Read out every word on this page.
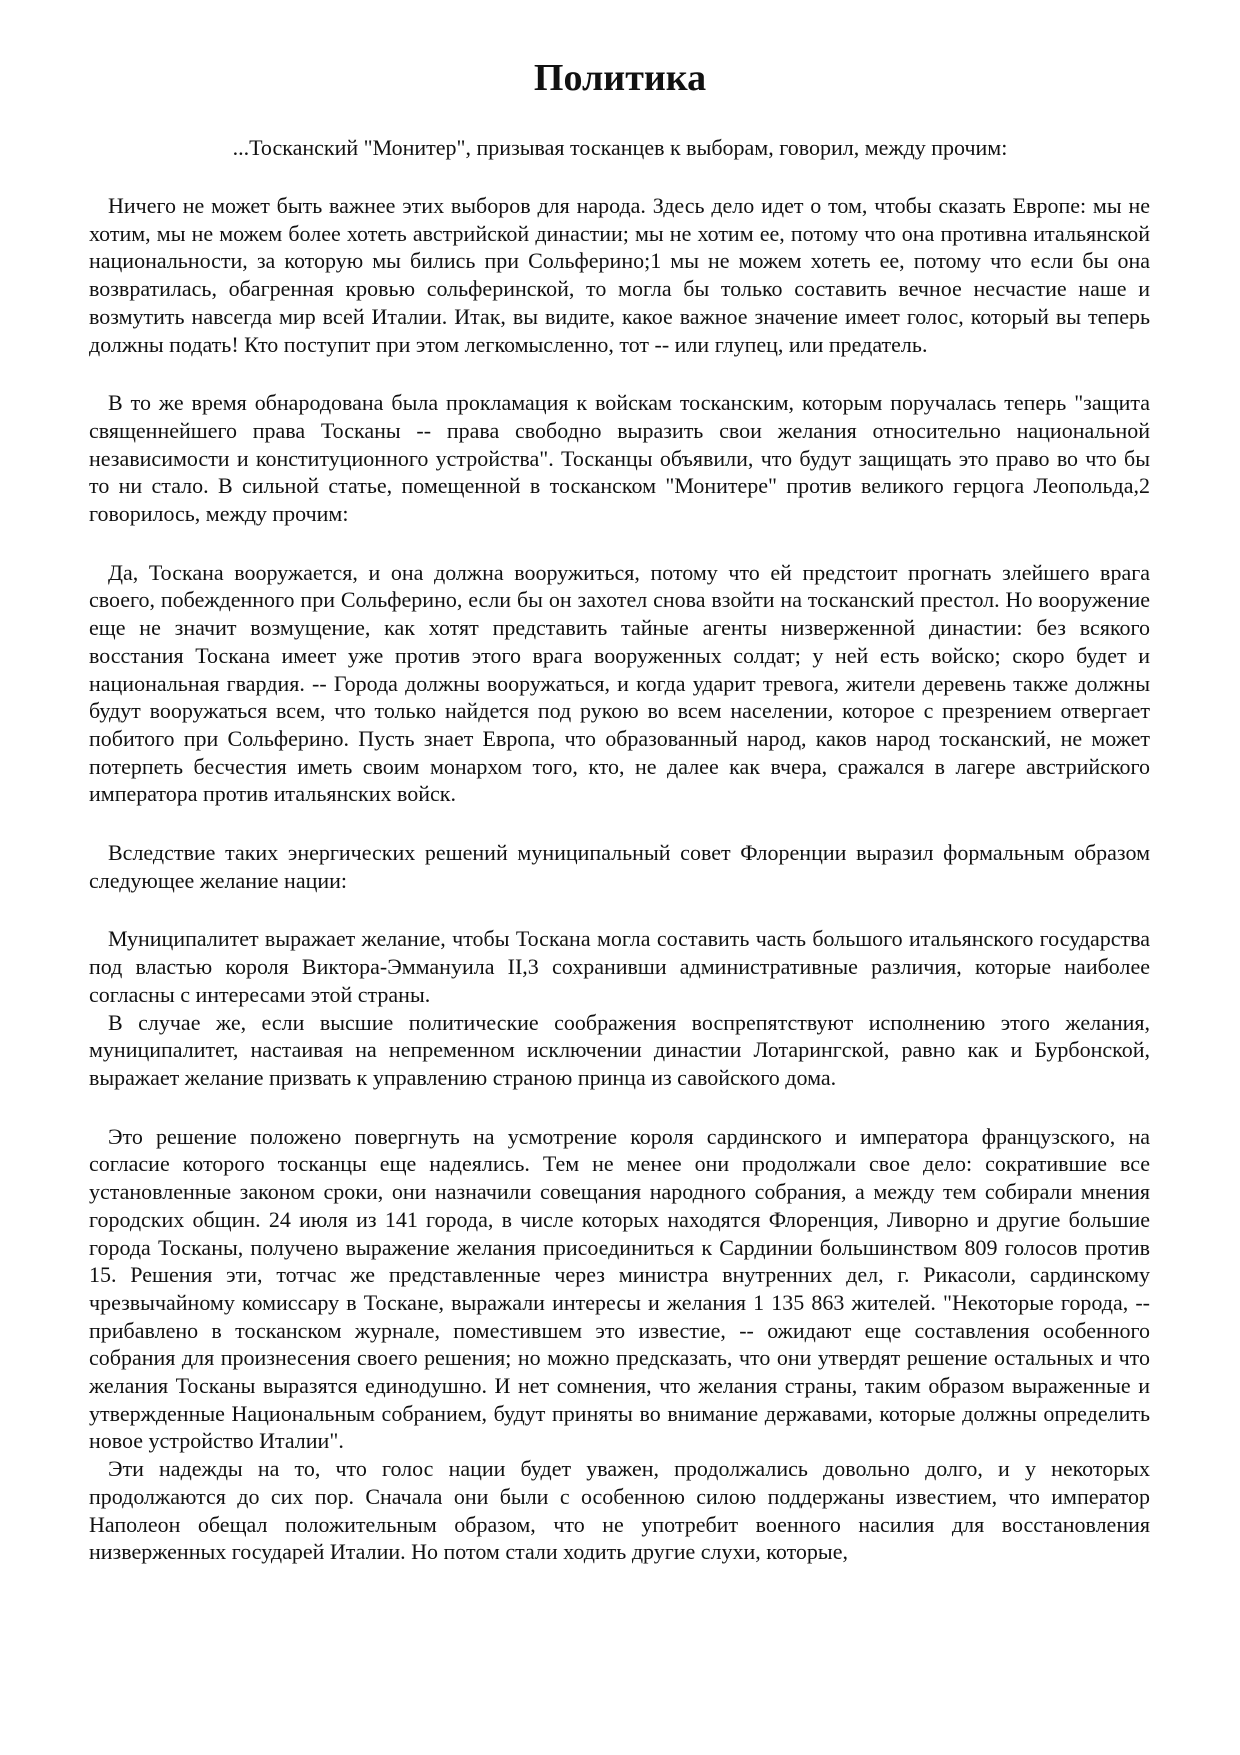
Политика

...Тосканский "Монитер", призывая тосканцев к выборам, говорил, между прочим:

Ничего не может быть важнее этих выборов для народа. Здесь дело идет о том, чтобы сказать Европе: мы не хотим, мы не можем более хотеть австрийской династии; мы не хотим ее, потому что она противна итальянской национальности, за которую мы бились при Сольферино;1 мы не можем хотеть ее, потому что если бы она возвратилась, обагренная кровью сольферинской, то могла бы только составить вечное несчастие наше и возмутить навсегда мир всей Италии. Итак, вы видите, какое важное значение имеет голос, который вы теперь должны подать! Кто поступит при этом легкомысленно, тот -- или глупец, или предатель.

В то же время обнародована была прокламация к войскам тосканским, которым поручалась теперь "защита священнейшего права Тосканы -- права свободно выразить свои желания относительно национальной независимости и конституционного устройства". Тосканцы объявили, что будут защищать это право во что бы то ни стало. В сильной статье, помещенной в тосканском "Монитере" против великого герцога Леопольда,2 говорилось, между прочим:

Да, Тоскана вооружается, и она должна вооружиться, потому что ей предстоит прогнать злейшего врага своего, побежденного при Сольферино, если бы он захотел снова взойти на тосканский престол. Но вооружение еще не значит возмущение, как хотят представить тайные агенты низверженной династии: без всякого восстания Тоскана имеет уже против этого врага вооруженных солдат; у ней есть войско; скоро будет и национальная гвардия. -- Города должны вооружаться, и когда ударит тревога, жители деревень также должны будут вооружаться всем, что только найдется под рукою во всем населении, которое с презрением отвергает побитого при Сольферино. Пусть знает Европа, что образованный народ, каков народ тосканский, не может потерпеть бесчестия иметь своим монархом того, кто, не далее как вчера, сражался в лагере австрийского императора против итальянских войск.

Вследствие таких энергических решений муниципальный совет Флоренции выразил формальным образом следующее желание нации:

Муниципалитет выражает желание, чтобы Тоскана могла составить часть большого итальянского государства под властью короля Виктора-Эммануила II,3 сохранивши административные различия, которые наиболее согласны с интересами этой страны.

В случае же, если высшие политические соображения воспрепятствуют исполнению этого желания, муниципалитет, настаивая на непременном исключении династии Лотарингской, равно как и Бурбонской, выражает желание призвать к управлению страною принца из савойского дома.

Это решение положено повергнуть на усмотрение короля сардинского и императора французского, на согласие которого тосканцы еще надеялись. Тем не менее они продолжали свое дело: сократившие все установленные законом сроки, они назначили совещания народного собрания, а между тем собирали мнения городских общин. 24 июля из 141 города, в числе которых находятся Флоренция, Ливорно и другие большие города Тосканы, получено выражение желания присоединиться к Сардинии большинством 809 голосов против 15. Решения эти, тотчас же представленные через министра внутренних дел, г. Рикасоли, сардинскому чрезвычайному комиссару в Тоскане, выражали интересы и желания 1 135 863 жителей. "Некоторые города, -- прибавлено в тосканском журнале, поместившем это известие, -- ожидают еще составления особенного собрания для произнесения своего решения; но можно предсказать, что они утвердят решение остальных и что желания Тосканы выразятся единодушно. И нет сомнения, что желания страны, таким образом выраженные и утвержденные Национальным собранием, будут приняты во внимание державами, которые должны определить новое устройство Италии".

Эти надежды на то, что голос нации будет уважен, продолжались довольно долго, и у некоторых продолжаются до сих пор. Сначала они были с особенною силою поддержаны известием, что император Наполеон обещал положительным образом, что не употребит военного насилия для восстановления низверженных государей Италии. Но потом стали ходить другие слухи, которые,
